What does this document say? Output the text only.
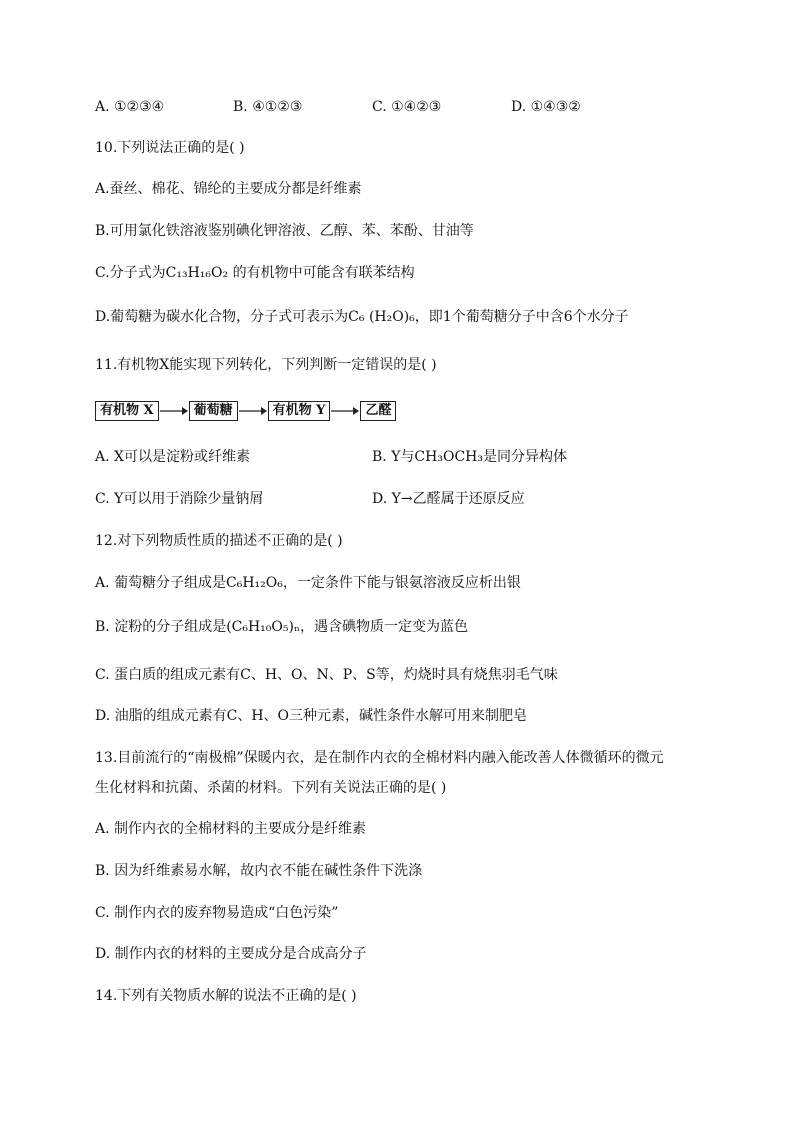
A. ①②③④	B. ④①②③	C. ①④②③	D. ①④③②
10.下列说法正确的是( )
A.蚕丝、棉花、锦纶的主要成分都是纤维素
B.可用氯化铁溶液鉴别碘化钾溶液、乙醇、苯、苯酚、甘油等
C.分子式为C₁₃H₁₆O₂ 的有机物中可能含有联苯结构
D.葡萄糖为碳水化合物，分子式可表示为C₆ (H₂O)₆，即1个葡萄糖分子中含6个水分子
11.有机物X能实现下列转化，下列判断一定错误的是( )
有机物 X	葡萄糖	有机物 Y	乙醛
A. X可以是淀粉或纤维素	B. Y与CH₃OCH₃是同分异构体
C. Y可以用于消除少量钠屑	D. Y→乙醛属于还原反应
12.对下列物质性质的描述不正确的是( )
A. 葡萄糖分子组成是C₆H₁₂O₆，一定条件下能与银氨溶液反应析出银
B. 淀粉的分子组成是(C₆H₁₀O₅)ₙ，遇含碘物质一定变为蓝色
C. 蛋白质的组成元素有C、H、O、N、P、S等，灼烧时具有烧焦羽毛气味
D. 油脂的组成元素有C、H、O三种元素，碱性条件水解可用来制肥皂
13.目前流行的“南极棉”保暖内衣，是在制作内衣的全棉材料内融入能改善人体微循环的微元
生化材料和抗菌、杀菌的材料。下列有关说法正确的是( )
A. 制作内衣的全棉材料的主要成分是纤维素
B. 因为纤维素易水解，故内衣不能在碱性条件下洗涤
C. 制作内衣的废弃物易造成“白色污染”
D. 制作内衣的材料的主要成分是合成高分子
14.下列有关物质水解的说法不正确的是( )
